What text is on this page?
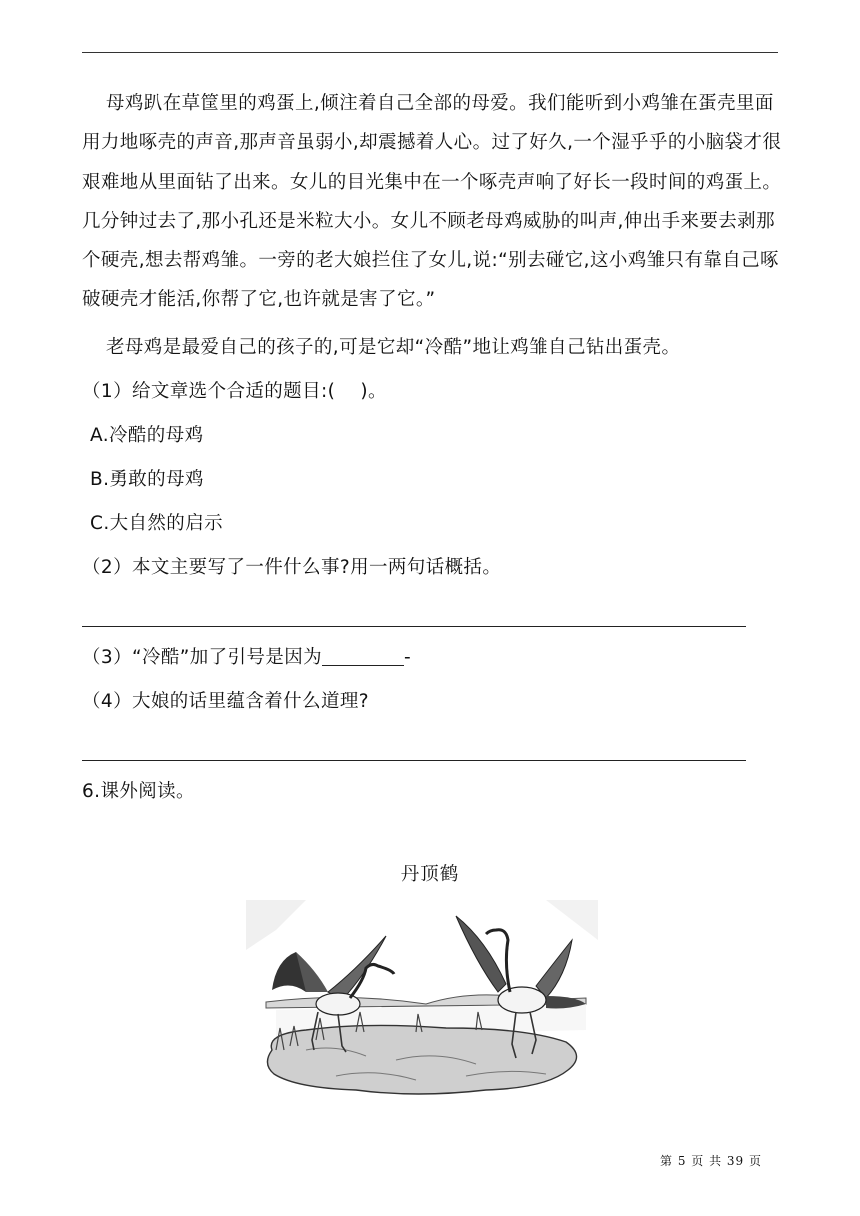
母鸡趴在草筐里的鸡蛋上,倾注着自己全部的母爱。我们能听到小鸡雏在蛋壳里面用力地啄壳的声音,那声音虽弱小,却震撼着人心。过了好久,一个湿乎乎的小脑袋才很艰难地从里面钻了出来。女儿的目光集中在一个啄壳声响了好长一段时间的鸡蛋上。几分钟过去了,那小孔还是米粒大小。女儿不顾老母鸡威胁的叫声,伸出手来要去剥那个硬壳,想去帮鸡雏。一旁的老大娘拦住了女儿,说:“别去碰它,这小鸡雏只有靠自己啄破硬壳才能活,你帮了它,也许就是害了它。”
老母鸡是最爱自己的孩子的,可是它却“冷酷”地让鸡雏自己钻出蛋壳。
（1）给文章选个合适的题目:(    )。
A.冷酷的母鸡
B.勇敢的母鸡
C.大自然的启示
（2）本文主要写了一件什么事?用一两句话概括。
（3）“冷酷”加了引号是因为	-
（4）大娘的话里蕴含着什么道理?
6.课外阅读。
丹顶鹤
第 5 页 共 39 页
